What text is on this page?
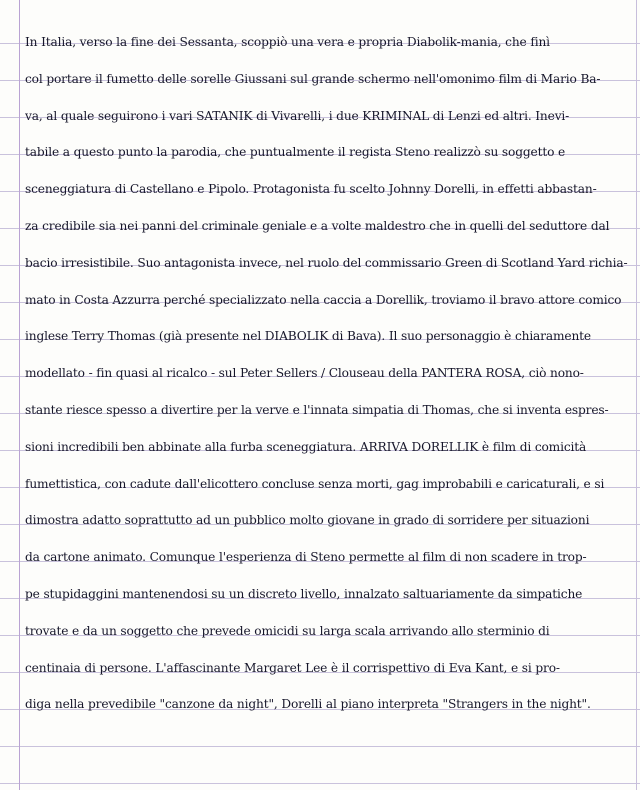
In Italia, verso la fine dei Sessanta, scoppiò una vera e propria Diabolik-mania, che finì
col portare il fumetto delle sorelle Giussani sul grande schermo nell'omonimo film di Mario Ba-
va, al quale seguirono i vari SATANIK di Vivarelli, i due KRIMINAL di Lenzi ed altri. Inevi-
tabile a questo punto la parodia, che puntualmente il regista Steno realizzò su soggetto e
sceneggiatura di Castellano e Pipolo. Protagonista fu scelto Johnny Dorelli, in effetti abbastan-
za credibile sia nei panni del criminale geniale e a volte maldestro che in quelli del seduttore dal
bacio irresistibile. Suo antagonista invece, nel ruolo del commissario Green di Scotland Yard richia-
mato in Costa Azzurra perché specializzato nella caccia a Dorellik, troviamo il bravo attore comico
inglese Terry Thomas (già presente nel DIABOLIK di Bava). Il suo personaggio è chiaramente
modellato - fin quasi al ricalco - sul Peter Sellers / Clouseau della PANTERA ROSA, ciò nono-
stante riesce spesso a divertire per la verve e l'innata simpatia di Thomas, che si inventa espres-
sioni incredibili ben abbinate alla furba sceneggiatura. ARRIVA DORELLIK è film di comicità
fumettistica, con cadute dall'elicottero concluse senza morti, gag improbabili e caricaturali, e si
dimostra adatto soprattutto ad un pubblico molto giovane in grado di sorridere per situazioni
da cartone animato. Comunque l'esperienza di Steno permette al film di non scadere in trop-
pe stupidaggini mantenendosi su un discreto livello, innalzato saltuariamente da simpatiche
trovate e da un soggetto che prevede omicidi su larga scala arrivando allo sterminio di
centinaia di persone. L'affascinante Margaret Lee è il corrispettivo di Eva Kant, e si pro-
diga nella prevedibile "canzone da night", Dorelli al piano interpreta "Strangers in the night".
